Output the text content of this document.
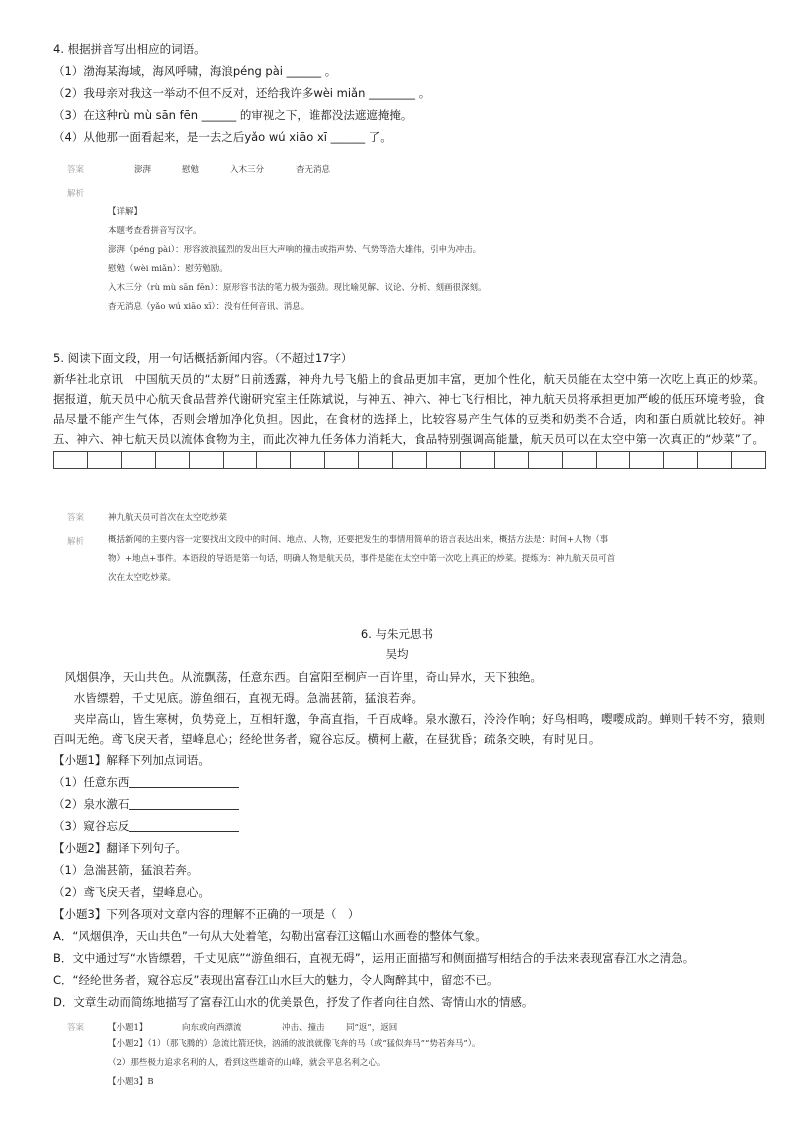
4. 根据拼音写出相应的词语。
（1）渤海某海域，海风呼啸，海浪péng pài ______ 。
（2）我母亲对我这一举动不但不反对，还给我许多wèi miǎn ________ 。
（3）在这种rù mù sān fēn ______ 的审视之下，谁都没法遮遮掩掩。
（4）从他那一面看起来，是一去之后yǎo wú xiāo xī ______ 了。
答案	澎湃	慰勉	入木三分	杳无消息
解析
【详解】
本题考查看拼音写汉字。
澎湃（péng pài）：形容波浪猛烈的发出巨大声响的撞击或指声势、气势等浩大雄伟，引申为冲击。
慰勉（wèi miǎn）：慰劳勉励。
入木三分（rù mù sān fēn）：原形容书法的笔力极为强劲。现比喻见解、议论、分析、刻画很深刻。
杳无消息（yǎo wú xiāo xī）：没有任何音讯、消息。
5. 阅读下面文段，用一句话概括新闻内容。（不超过17字）
新华社北京讯　中国航天员的“太厨”日前透露，神舟九号飞船上的食品更加丰富，更加个性化，航天员能在太空中第一次吃上真正的炒菜。据报道，航天员中心航天食品营养代谢研究室主任陈斌说，与神五、神六、神七飞行相比，神九航天员将承担更加严峻的低压环境考验，食品尽量不能产生气体，否则会增加净化负担。因此，在食材的选择上，比较容易产生气体的豆类和奶类不合适，肉和蛋白质就比较好。神五、神六、神七航天员以流体食物为主，而此次神九任务体力消耗大，食品特别强调高能量，航天员可以在太空中第一次真正的“炒菜”了。
答案	神九航天员可首次在太空吃炒菜
解析	概括新闻的主要内容一定要找出文段中的时间、地点、人物，还要把发生的事情用简单的语言表达出来，概括方法是：时间+人物（事
物）+地点+事件。本语段的导语是第一句话，明确人物是航天员，事件是能在太空中第一次吃上真正的炒菜。提炼为：神九航天员可首
次在太空吃炒菜。
6. 与朱元思书
吴均
风烟俱净，天山共色。从流飘荡，任意东西。自富阳至桐庐一百许里，奇山异水，天下独绝。
水皆缥碧，千丈见底。游鱼细石，直视无碍。急湍甚箭，猛浪若奔。
夹岸高山，皆生寒树，负势竞上，互相轩邈，争高直指，千百成峰。泉水激石，泠泠作响；好鸟相鸣，嘤嘤成韵。蝉则千转不穷，猿则百叫无绝。鸢飞戾天者，望峰息心；经纶世务者，窥谷忘反。横柯上蔽，在昼犹昏；疏条交映，有时见日。
【小题1】解释下列加点词语。
（1）任意东西
（2）泉水激石
（3）窥谷忘反
【小题2】翻译下列句子。
（1）急湍甚箭，猛浪若奔。
（2）鸢飞戾天者，望峰息心。
【小题3】下列各项对文章内容的理解不正确的一项是（　）
A．“风烟俱净，天山共色”一句从大处着笔，勾勒出富春江这幅山水画卷的整体气象。
B．文中通过写“水皆缥碧，千丈见底”“游鱼细石，直视无碍”，运用正面描写和侧面描写相结合的手法来表现富春江水之清急。
C．“经纶世务者，窥谷忘反”表现出富春江山水巨大的魅力，令人陶醉其中，留恋不已。
D．文章生动而简练地描写了富春江山水的优美景色，抒发了作者向往自然、寄情山水的情感。
答案	【小题1】	向东或向西漂流	冲击、撞击	同“返”，返回
【小题2】（1）（那飞腾的）急流比箭还快，汹涌的波浪就像飞奔的马（或“猛似奔马”“势若奔马”）。
（2）那些极力追求名利的人，看到这些雄奇的山峰，就会平息名利之心。
【小题3】B
